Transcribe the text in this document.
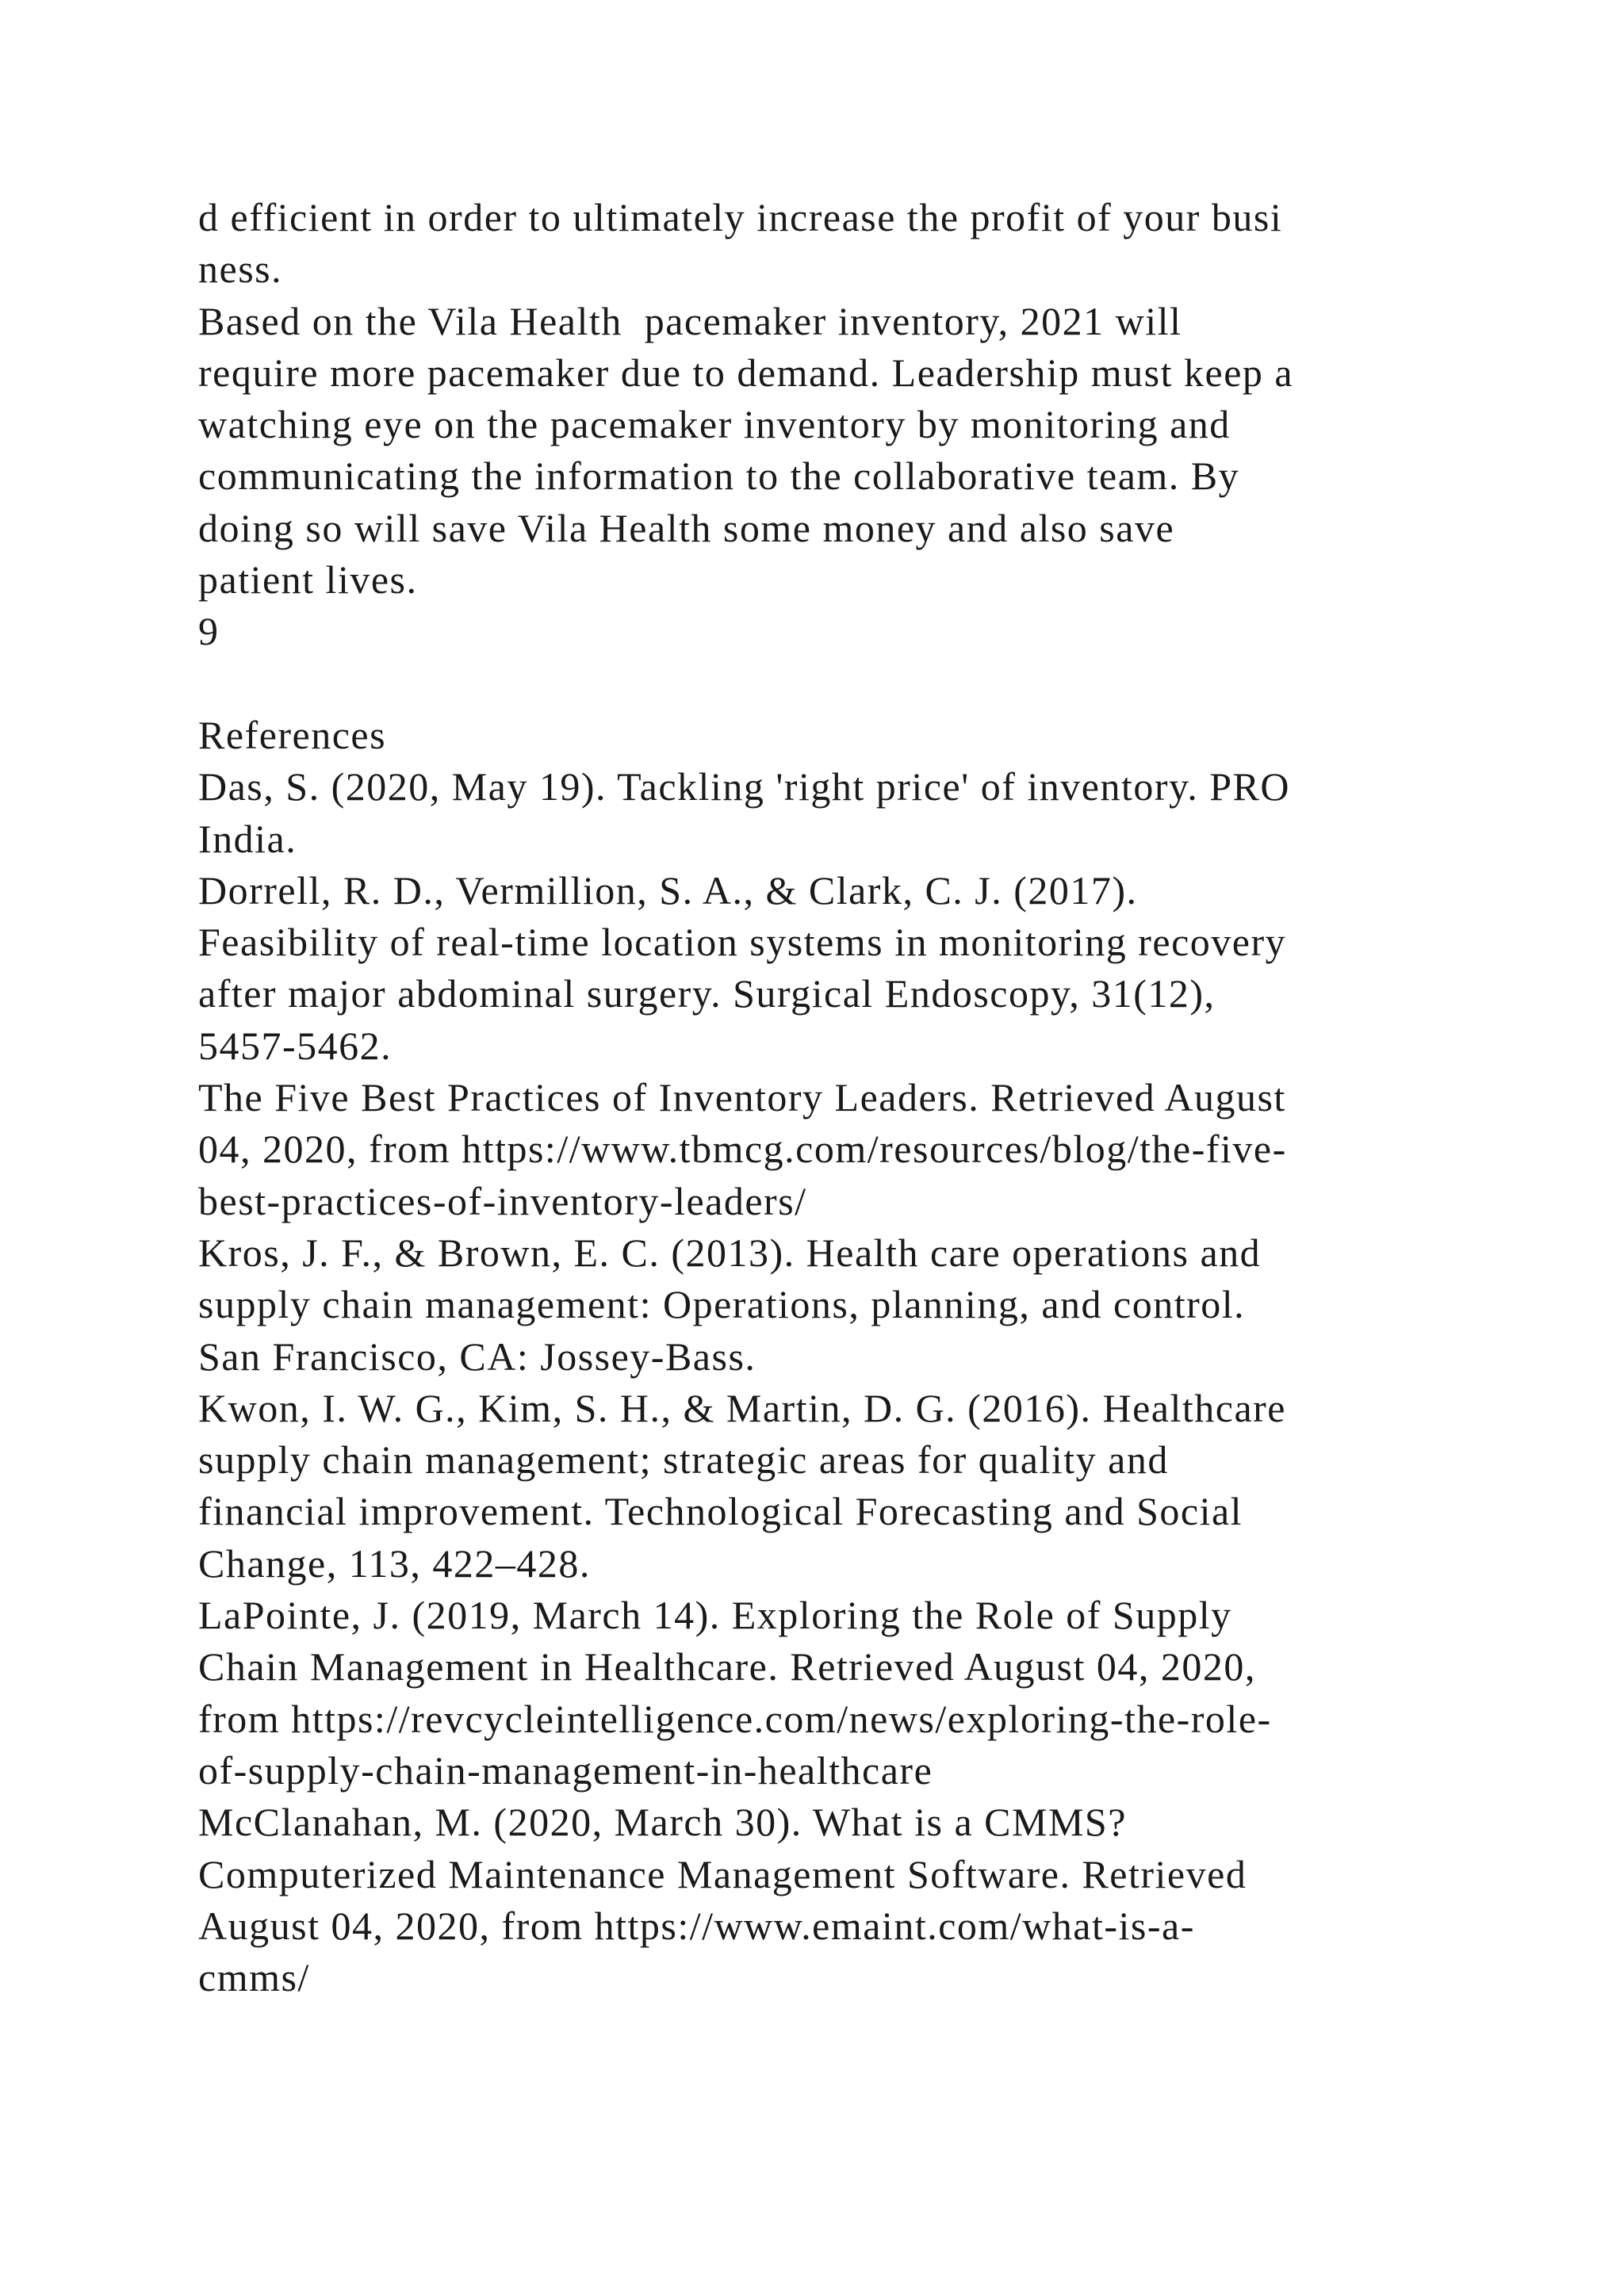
d efficient in order to ultimately increase the profit of your busi
ness.
Based on the Vila Health  pacemaker inventory, 2021 will
require more pacemaker due to demand. Leadership must keep a
watching eye on the pacemaker inventory by monitoring and
communicating the information to the collaborative team. By
doing so will save Vila Health some money and also save
patient lives.
9
References
Das, S. (2020, May 19). Tackling 'right price' of inventory. PRO
India.
Dorrell, R. D., Vermillion, S. A., & Clark, C. J. (2017).
Feasibility of real-time location systems in monitoring recovery
after major abdominal surgery. Surgical Endoscopy, 31(12),
5457-5462.
The Five Best Practices of Inventory Leaders. Retrieved August
04, 2020, from https://www.tbmcg.com/resources/blog/the-five-
best-practices-of-inventory-leaders/
Kros, J. F., & Brown, E. C. (2013). Health care operations and
supply chain management: Operations, planning, and control.
San Francisco, CA: Jossey-Bass.
Kwon, I. W. G., Kim, S. H., & Martin, D. G. (2016). Healthcare
supply chain management; strategic areas for quality and
financial improvement. Technological Forecasting and Social
Change, 113, 422–428.
LaPointe, J. (2019, March 14). Exploring the Role of Supply
Chain Management in Healthcare. Retrieved August 04, 2020,
from https://revcycleintelligence.com/news/exploring-the-role-
of-supply-chain-management-in-healthcare
McClanahan, M. (2020, March 30). What is a CMMS?
Computerized Maintenance Management Software. Retrieved
August 04, 2020, from https://www.emaint.com/what-is-a-
cmms/
